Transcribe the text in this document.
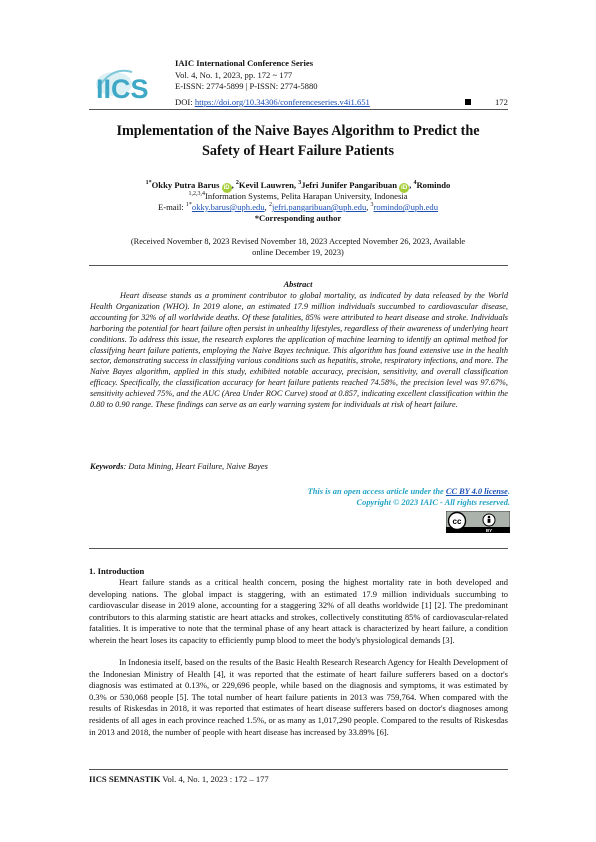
IICS
IAIC International Conference Series
Vol. 4, No. 1, 2023, pp. 172 ~ 177
E-ISSN: 2774-5899 | P-ISSN: 2774-5880
DOI: https://doi.org/10.34306/conferenceseries.v4i1.651	172
Implementation of the Naive Bayes Algorithm to Predict the Safety of Heart Failure Patients
$^{1*}$Okky Putra Barus iD , $^2$Kevil Lauwren, $^3$Jefri Junifer Pangaribuan iD , $^4$Romindo
$^{1,2,3,4}$Information Systems, Pelita Harapan University, Indonesia
E-mail: $^{1*}$okky.barus@uph.edu, $^2$jefri.pangaribuan@uph.edu, $^3$romindo@uph.edu
*Corresponding author
(Received November 8, 2023 Revised November 18, 2023 Accepted November 26, 2023, Available online December 19, 2023)
Abstract
Heart disease stands as a prominent contributor to global mortality, as indicated by data released by the World Health Organization (WHO). In 2019 alone, an estimated 17.9 million individuals succumbed to cardiovascular disease, accounting for 32% of all worldwide deaths. Of these fatalities, 85% were attributed to heart disease and stroke. Individuals harboring the potential for heart failure often persist in unhealthy lifestyles, regardless of their awareness of underlying heart conditions. To address this issue, the research explores the application of machine learning to identify an optimal method for classifying heart failure patients, employing the Naive Bayes technique. This algorithm has found extensive use in the health sector, demonstrating success in classifying various conditions such as hepatitis, stroke, respiratory infections, and more. The Naive Bayes algorithm, applied in this study, exhibited notable accuracy, precision, sensitivity, and overall classification efficacy. Specifically, the classification accuracy for heart failure patients reached 74.58%, the precision level was 97.67%, sensitivity achieved 75%, and the AUC (Area Under ROC Curve) stood at 0.857, indicating excellent classification within the 0.80 to 0.90 range. These findings can serve as an early warning system for individuals at risk of heart failure.
Keywords: Data Mining, Heart Failure, Naive Bayes
This is an open access article under the CC BY 4.0 license.
Copyright © 2023 IAIC - All rights reserved.
cc
BY
1. Introduction
Heart failure stands as a critical health concern, posing the highest mortality rate in both developed and developing nations. The global impact is staggering, with an estimated 17.9 million individuals succumbing to cardiovascular disease in 2019 alone, accounting for a staggering 32% of all deaths worldwide [1] [2]. The predominant contributors to this alarming statistic are heart attacks and strokes, collectively constituting 85% of cardiovascular-related fatalities. It is imperative to note that the terminal phase of any heart attack is characterized by heart failure, a condition wherein the heart loses its capacity to efficiently pump blood to meet the body's physiological demands [3].
In Indonesia itself, based on the results of the Basic Health Research Research Agency for Health Development of the Indonesian Ministry of Health [4], it was reported that the estimate of heart failure sufferers based on a doctor's diagnosis was estimated at 0.13%, or 229,696 people, while based on the diagnosis and symptoms, it was estimated by 0.3% or 530,068 people [5]. The total number of heart failure patients in 2013 was 759,764. When compared with the results of Riskesdas in 2018, it was reported that estimates of heart disease sufferers based on doctor's diagnoses among residents of all ages in each province reached 1.5%, or as many as 1,017,290 people. Compared to the results of Riskesdas in 2013 and 2018, the number of people with heart disease has increased by 33.89% [6].
IICS SEMNASTIK Vol. 4, No. 1, 2023 : 172 – 177
